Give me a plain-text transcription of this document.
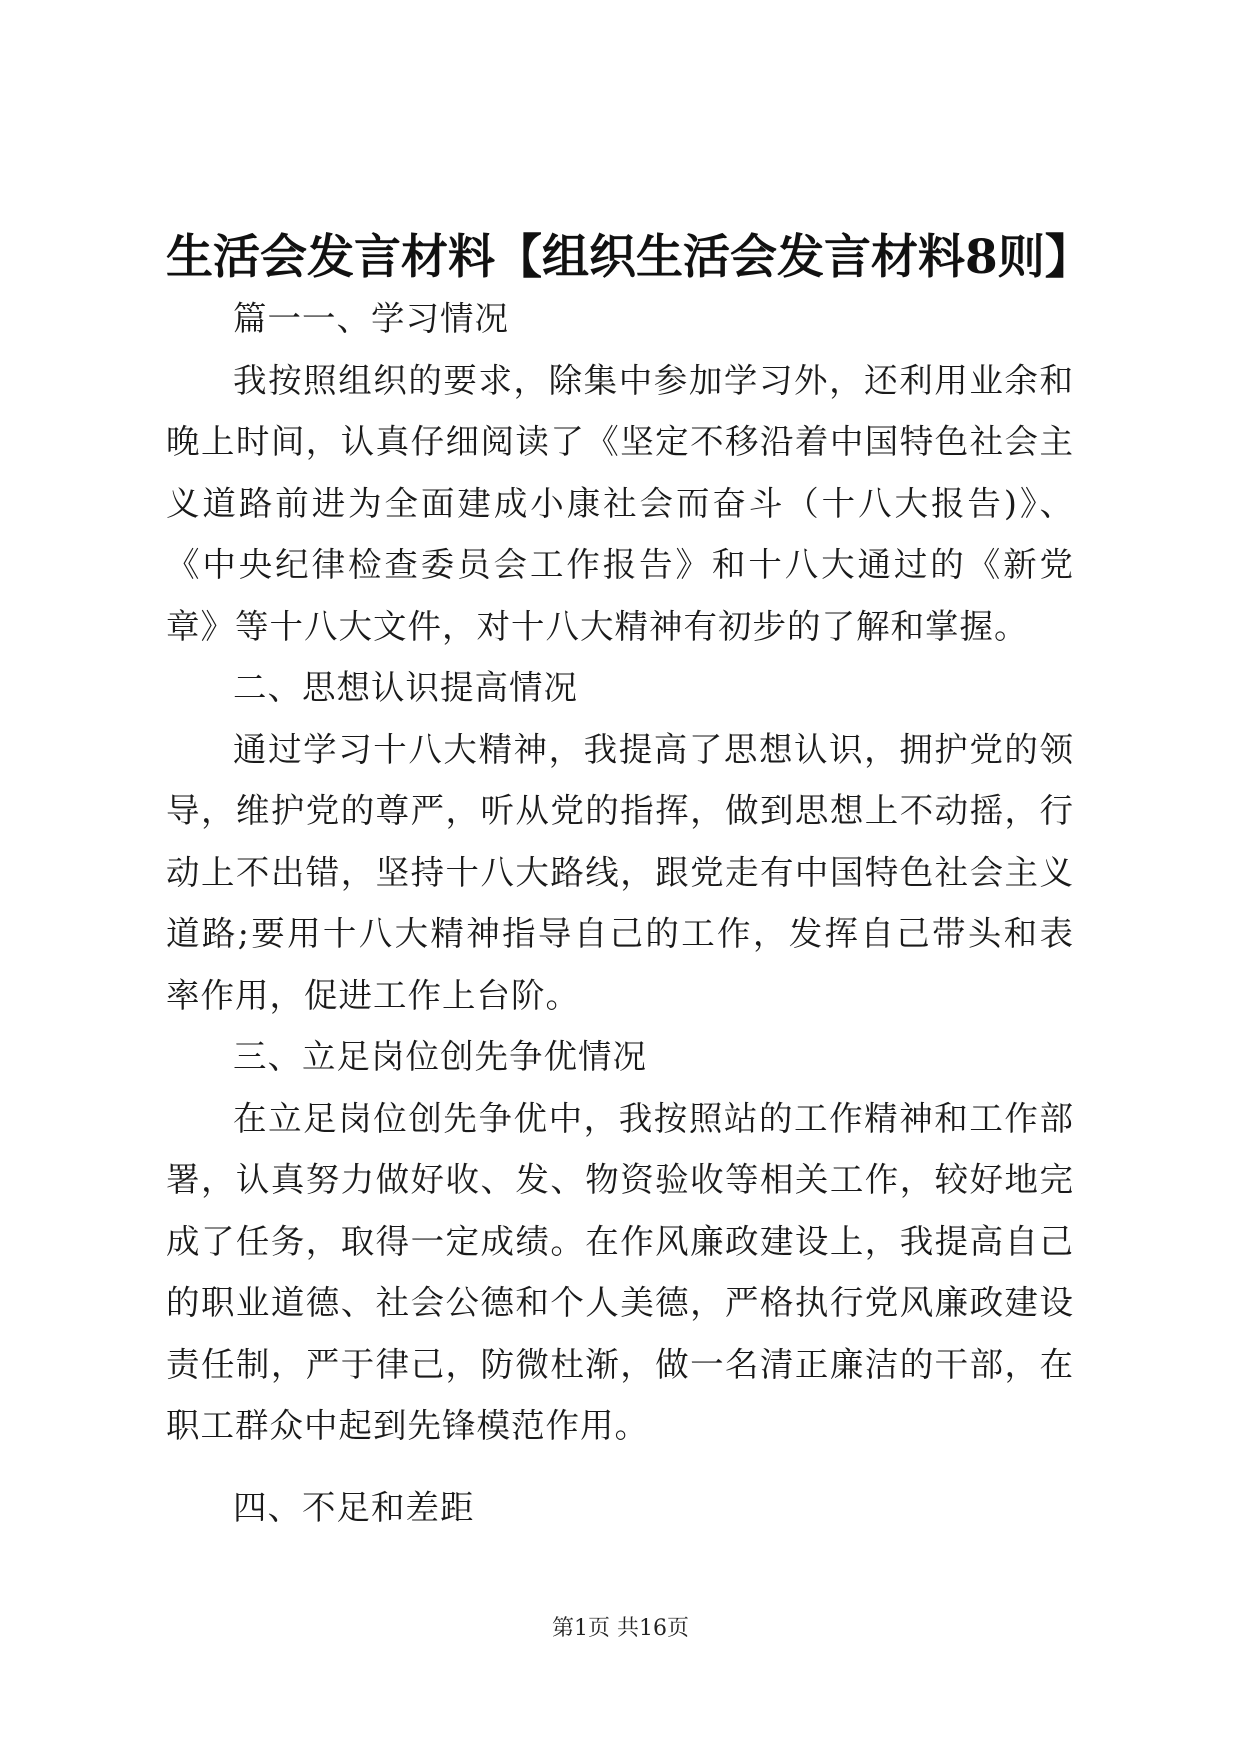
生活会发言材料【组织生活会发言材料8则】

篇一一、学习情况

我按照组织的要求，除集中参加学习外，还利用业余和晚上时间，认真仔细阅读了《坚定不移沿着中国特色社会主义道路前进为全面建成小康社会而奋斗（十八大报告)》、《中央纪律检查委员会工作报告》和十八大通过的《新党章》等十八大文件，对十八大精神有初步的了解和掌握。

二、思想认识提高情况

通过学习十八大精神，我提高了思想认识，拥护党的领导，维护党的尊严，听从党的指挥，做到思想上不动摇，行动上不出错，坚持十八大路线，跟党走有中国特色社会主义道路;要用十八大精神指导自己的工作，发挥自己带头和表率作用，促进工作上台阶。

三、立足岗位创先争优情况

在立足岗位创先争优中，我按照站的工作精神和工作部署，认真努力做好收、发、物资验收等相关工作，较好地完成了任务，取得一定成绩。在作风廉政建设上，我提高自己的职业道德、社会公德和个人美德，严格执行党风廉政建设责任制，严于律己，防微杜渐，做一名清正廉洁的干部，在职工群众中起到先锋模范作用。

四、不足和差距

第1页 共16页
